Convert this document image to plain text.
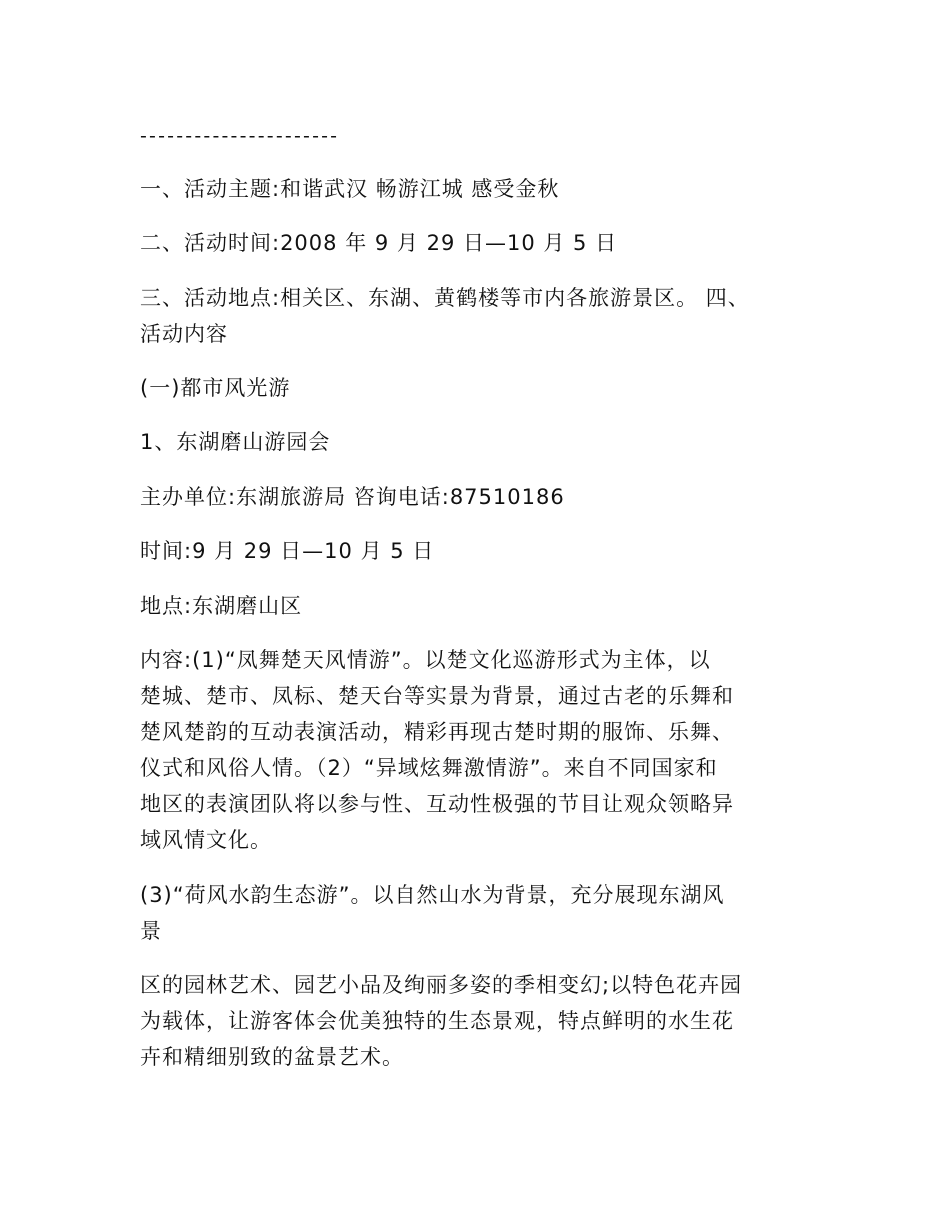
----------------------
一、活动主题:和谐武汉 畅游江城 感受金秋
二、活动时间:2008 年 9 月 29 日—10 月 5 日
三、活动地点:相关区、东湖、黄鹤楼等市内各旅游景区。 四、
活动内容
(一)都市风光游
1、东湖磨山游园会
主办单位:东湖旅游局 咨询电话:87510186
时间:9 月 29 日—10 月 5 日
地点:东湖磨山区
内容:(1)“凤舞楚天风情游”。以楚文化巡游形式为主体，以
楚城、楚市、凤标、楚天台等实景为背景，通过古老的乐舞和
楚风楚韵的互动表演活动，精彩再现古楚时期的服饰、乐舞、
仪式和风俗人情。（2）“异域炫舞激情游”。来自不同国家和
地区的表演团队将以参与性、互动性极强的节目让观众领略异
域风情文化。
(3)“荷风水韵生态游”。以自然山水为背景，充分展现东湖风
景
区的园林艺术、园艺小品及绚丽多姿的季相变幻;以特色花卉园
为载体，让游客体会优美独特的生态景观，特点鲜明的水生花
卉和精细别致的盆景艺术。
